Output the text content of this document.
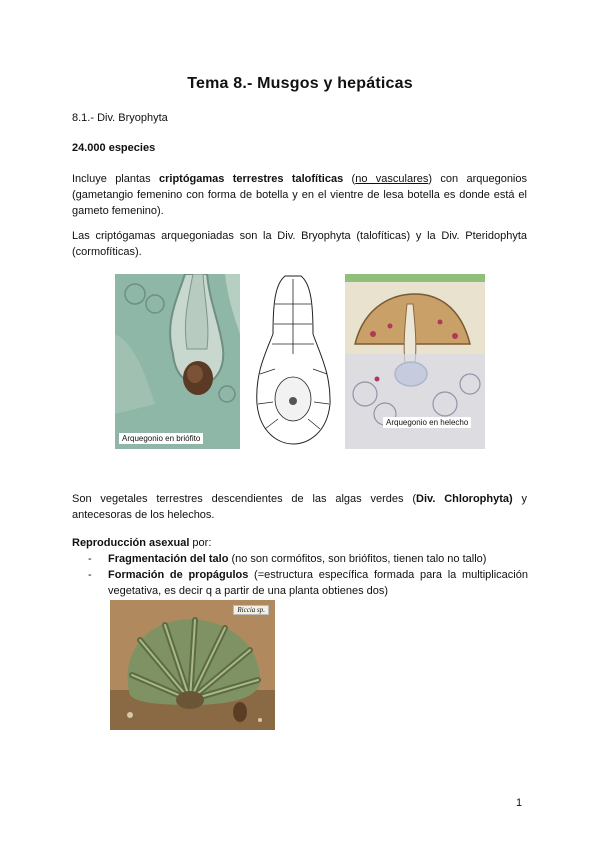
Tema 8.- Musgos y hepáticas
8.1.- Div. Bryophyta
24.000 especies
Incluye plantas criptógamas terrestres talofíticas (no vasculares) con arquegonios (gametangio femenino con forma de botella y en el vientre de lesa botella es donde está el gameto femenino).
Las criptógamas arquegoniadas son la Div. Bryophyta (talofíticas) y la Div. Pteridophyta (cormofíticas).
Arquegonio en briófito
Arquegonio en helecho
Son vegetales terrestres descendientes de las algas verdes (Div. Chlorophyta) y antecesoras de los helechos.
Reproducción asexual por:
-	Fragmentación del talo (no son cormófitos, son briófitos, tienen talo no tallo)
-	Formación de propágulos (=estructura específica formada para la multiplicación vegetativa, es decir q a partir de una planta obtienes dos)
Riccia sp.
1
